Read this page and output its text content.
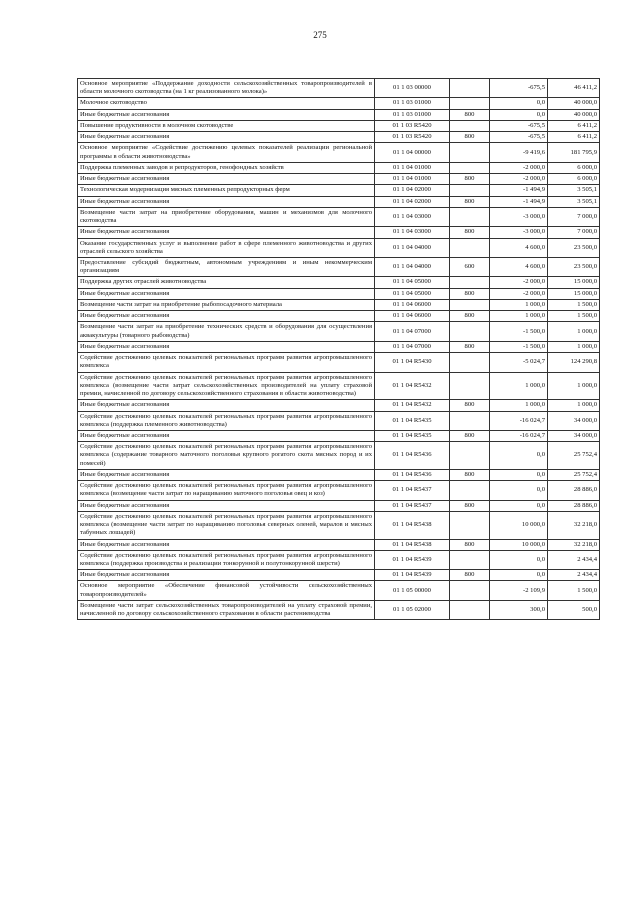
275
Основное мероприятие «Поддержание доходности сельскохозяйственных товаропроизводителей в области молочного скотоводства (на 1 кг реализованного молока)»	01 1 03 00000		-675,5	46 411,2
Молочное скотоводство	01 1 03 01000		0,0	40 000,0
Иные бюджетные ассигнования	01 1 03 01000	800	0,0	40 000,0
Повышение продуктивности в молочном скотоводстве	01 1 03 R5420		-675,5	6 411,2
Иные бюджетные ассигнования	01 1 03 R5420	800	-675,5	6 411,2
Основное мероприятие «Содействие достижению целевых показателей реализации региональной программы в области животноводства»	01 1 04 00000		-9 419,6	181 795,9
Поддержка племенных заводов и репродукторов, генофондных хозяйств	01 1 04 01000		-2 000,0	6 000,0
Иные бюджетные ассигнования	01 1 04 01000	800	-2 000,0	6 000,0
Технологическая модернизация мясных племенных репродукторных ферм	01 1 04 02000		-1 494,9	3 505,1
Иные бюджетные ассигнования	01 1 04 02000	800	-1 494,9	3 505,1
Возмещение части затрат на приобретение оборудования, машин и механизмов для молочного скотоводства	01 1 04 03000		-3 000,0	7 000,0
Иные бюджетные ассигнования	01 1 04 03000	800	-3 000,0	7 000,0
Оказание государственных услуг и выполнение работ в сфере племенного животноводства и других отраслей сельского хозяйства	01 1 04 04000		4 600,0	23 500,0
Предоставление субсидий бюджетным, автономным учреждениям и иным некоммерческим организациям	01 1 04 04000	600	4 600,0	23 500,0
Поддержка других отраслей животноводства	01 1 04 05000		-2 000,0	15 000,0
Иные бюджетные ассигнования	01 1 04 05000	800	-2 000,0	15 000,0
Возмещение части затрат на приобретение рыбопосадочного материала	01 1 04 06000		1 000,0	1 500,0
Иные бюджетные ассигнования	01 1 04 06000	800	1 000,0	1 500,0
Возмещение части затрат на приобретение технических средств и оборудования для осуществления аквакультуры (товарного рыбоводства)	01 1 04 07000		-1 500,0	1 000,0
Иные бюджетные ассигнования	01 1 04 07000	800	-1 500,0	1 000,0
Содействие достижению целевых показателей региональных программ развития агропромышленного комплекса	01 1 04 R5430		-5 024,7	124 290,8
Содействие достижению целевых показателей региональных программ развития агропромышленного комплекса (возмещение части затрат сельскохозяйственных производителей на уплату страховой премии, начисленной по договору сельскохозяйственного страхования в области животноводства)	01 1 04 R5432		1 000,0	1 000,0
Иные бюджетные ассигнования	01 1 04 R5432	800	1 000,0	1 000,0
Содействие достижению целевых показателей региональных программ развития агропромышленного комплекса (поддержка племенного животноводства)	01 1 04 R5435		-16 024,7	34 000,0
Иные бюджетные ассигнования	01 1 04 R5435	800	-16 024,7	34 000,0
Содействие достижению целевых показателей региональных программ развития агропромышленного комплекса (содержание товарного маточного поголовья крупного рогатого скота мясных пород и их помесей)	01 1 04 R5436		0,0	25 752,4
Иные бюджетные ассигнования	01 1 04 R5436	800	0,0	25 752,4
Содействие достижению целевых показателей региональных программ развития агропромышленного комплекса (возмещение части затрат по наращиванию маточного поголовья овец и коз)	01 1 04 R5437		0,0	28 886,0
Иные бюджетные ассигнования	01 1 04 R5437	800	0,0	28 886,0
Содействие достижению целевых показателей региональных программ развития агропромышленного комплекса (возмещение части затрат по наращиванию поголовья северных оленей, маралов и мясных табунных лошадей)	01 1 04 R5438		10 000,0	32 218,0
Иные бюджетные ассигнования	01 1 04 R5438	800	10 000,0	32 218,0
Содействие достижению целевых показателей региональных программ развития агропромышленного комплекса (поддержка производства и реализации тонкорунной и полутонкорунной шерсти)	01 1 04 R5439		0,0	2 434,4
Иные бюджетные ассигнования	01 1 04 R5439	800	0,0	2 434,4
Основное мероприятие «Обеспечение финансовой устойчивости сельскохозяйственных товаропроизводителей»	01 1 05 00000		-2 109,9	1 500,0
Возмещение части затрат сельскохозяйственных товаропроизводителей на уплату страховой премии, начисленной по договору сельскохозяйственного страхования в области растениеводства	01 1 05 02000		300,0	500,0
